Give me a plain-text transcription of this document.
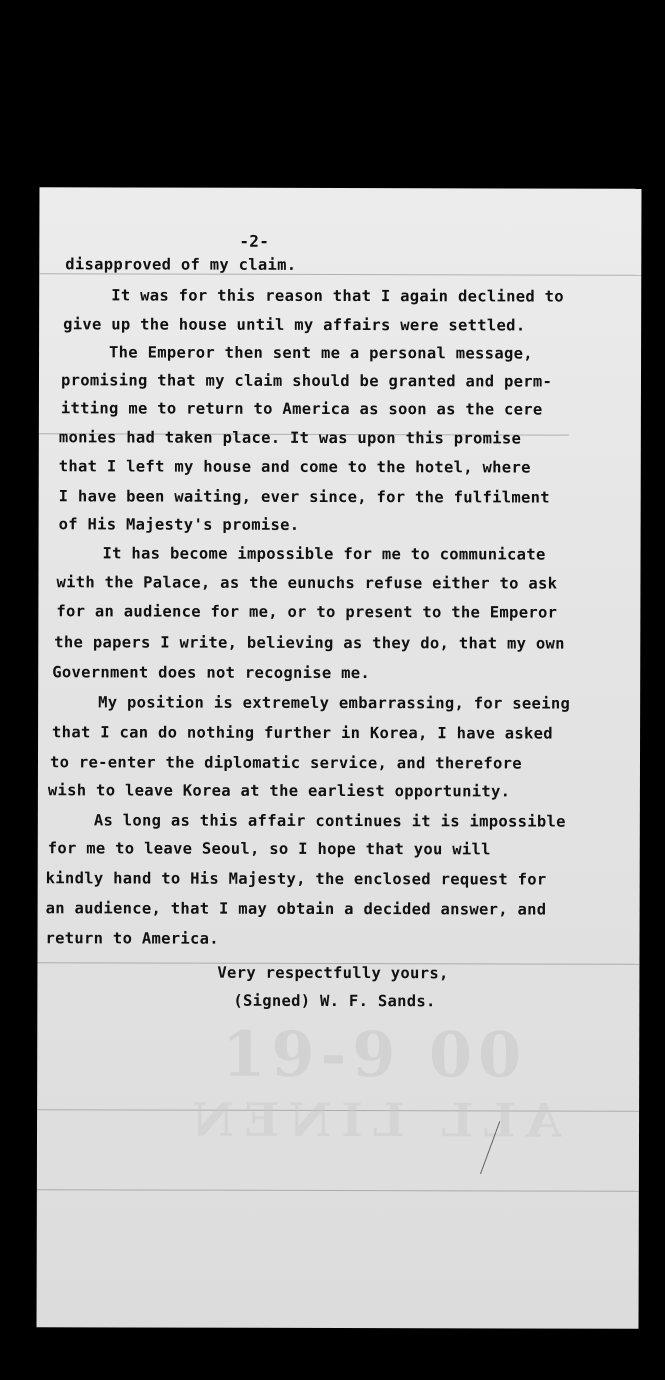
19-9 00
ALL LINEN
-2-
disapproved of my claim.
It was for this reason that I again declined to
give up the house until my affairs were settled.
The Emperor then sent me a personal message,
promising that my claim should be granted and perm-
itting me to return to America as soon as the cere
monies had taken place. It was upon this promise
that I left my house and come to the hotel, where
I have been waiting, ever since, for the fulfilment
of His Majesty's promise.
It has become impossible for me to communicate
with the Palace, as the eunuchs refuse either to ask
for an audience for me, or to present to the Emperor
the papers I write, believing as they do, that my own
Government does not recognise me.
My position is extremely embarrassing, for seeing
that I can do nothing further in Korea, I have asked
to re-enter the diplomatic service, and therefore
wish to leave Korea at the earliest opportunity.
As long as this affair continues it is impossible
for me to leave Seoul, so I hope that you will
kindly hand to His Majesty, the enclosed request for
an audience, that I may obtain a decided answer, and
return to America.
Very respectfully yours,
(Signed) W. F. Sands.
